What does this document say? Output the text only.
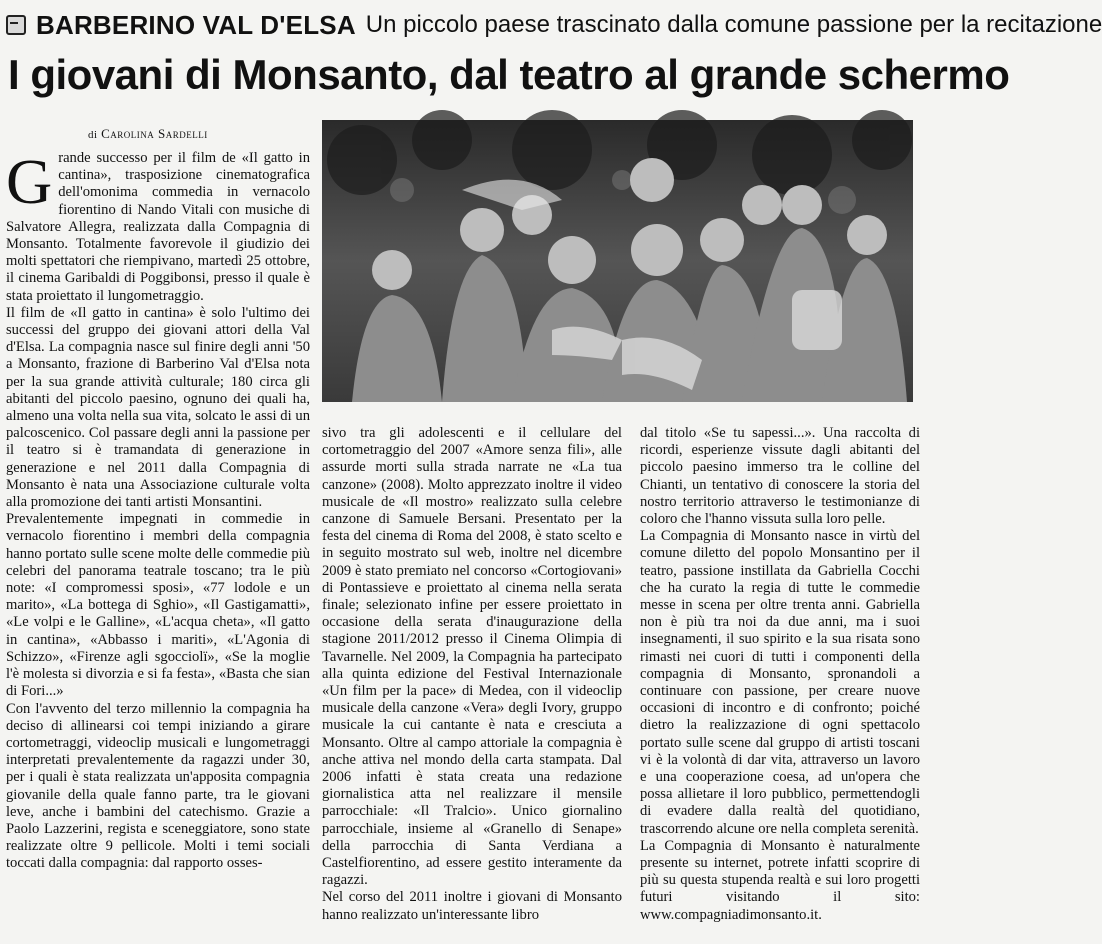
BARBERINO VAL D'ELSA Un piccolo paese trascinato dalla comune passione per la recitazione
I giovani di Monsanto, dal teatro al grande schermo
di Carolina Sardelli
G rande successo per il film de «Il gatto in cantina», trasposizione cinematografica dell'omonima commedia in vernacolo fiorentino di Nando Vitali con musiche di Salvatore Allegra, realizzata dalla Compagnia di Monsanto. Totalmente favorevole il giudizio dei molti spettatori che riempivano, martedì 25 ottobre, il cinema Garibaldi di Poggibonsi, presso il quale è stata proiettato il lungometraggio.

Il film de «Il gatto in cantina» è solo l'ultimo dei successi del gruppo dei giovani attori della Val d'Elsa. La compagnia nasce sul finire degli anni '50 a Monsanto, frazione di Barberino Val d'Elsa nota per la sua grande attività culturale; 180 circa gli abitanti del piccolo paesino, ognuno dei quali ha, almeno una volta nella sua vita, solcato le assi di un palcoscenico. Col passare degli anni la passione per il teatro si è tramandata di generazione in generazione e nel 2011 dalla Compagnia di Monsanto è nata una Associazione culturale volta alla promozione dei tanti artisti Monsantini.

Prevalentemente impegnati in commedie in vernacolo fiorentino i membri della compagnia hanno portato sulle scene molte delle commedie più celebri del panorama teatrale toscano; tra le più note: «I compromessi sposi», «77 lodole e un marito», «La bottega di Sghio», «Il Gastigamatti», «Le volpi e le Galline», «L'acqua cheta», «Il gatto in cantina», «Abbasso i mariti», «L'Agonia di Schizzo», «Firenze agli sgocciolï», «Se la moglie l'è molesta si divorzia e si fa festa», «Basta che sian di Fori...»

Con l'avvento del terzo millennio la compagnia ha deciso di allinearsi coi tempi iniziando a girare cortometraggi, videoclip musicali e lungometraggi interpretati prevalentemente da ragazzi under 30, per i quali è stata realizzata un'apposita compagnia giovanile della quale fanno parte, tra le giovani leve, anche i bambini del catechismo. Grazie a Paolo Lazzerini, regista e sceneggiatore, sono state realizzate oltre 9 pellicole. Molti i temi sociali toccati dalla compagnia: dal rapporto osses-

sivo tra gli adolescenti e il cellulare del cortometraggio del 2007 «Amore senza fili», alle assurde morti sulla strada narrate ne «La tua canzone» (2008). Molto apprezzato inoltre il video musicale de «Il mostro» realizzato sulla celebre canzone di Samuele Bersani. Presentato per la festa del cinema di Roma del 2008, è stato scelto e in seguito mostrato sul web, inoltre nel dicembre 2009 è stato premiato nel concorso «Cortogiovani» di Pontassieve e proiettato al cinema nella serata finale; selezionato infine per essere proiettato in occasione della serata d'inaugurazione della stagione 2011/2012 presso il Cinema Olimpia di Tavarnelle. Nel 2009, la Compagnia ha partecipato alla quinta edizione del Festival Internazionale «Un film per la pace» di Medea, con il videoclip musicale della canzone «Vera» degli Ivory, gruppo musicale la cui cantante è nata e cresciuta a Monsanto. Oltre al campo attoriale la compagnia è anche attiva nel mondo della carta stampata. Dal 2006 infatti è stata creata una redazione giornalistica atta nel realizzare il mensile parrocchiale: «Il Tralcio». Unico giornalino parrocchiale, insieme al «Granello di Senape» della parrocchia di Santa Verdiana a Castelfiorentino, ad essere gestito interamente da ragazzi.

Nel corso del 2011 inoltre i giovani di Monsanto hanno realizzato un'interessante libro

dal titolo «Se tu sapessi...». Una raccolta di ricordi, esperienze vissute dagli abitanti del piccolo paesino immerso tra le colline del Chianti, un tentativo di conoscere la storia del nostro territorio attraverso le testimonianze di coloro che l'hanno vissuta sulla loro pelle.

La Compagnia di Monsanto nasce in virtù del comune diletto del popolo Monsantino per il teatro, passione instillata da Gabriella Cocchi che ha curato la regia di tutte le commedie messe in scena per oltre trenta anni. Gabriella non è più tra noi da due anni, ma i suoi insegnamenti, il suo spirito e la sua risata sono rimasti nei cuori di tutti i componenti della compagnia di Monsanto, spronandoli a continuare con passione, per creare nuove occasioni di incontro e di confronto; poiché dietro la realizzazione di ogni spettacolo portato sulle scene dal gruppo di artisti toscani vi è la volontà di dar vita, attraverso un lavoro e una cooperazione coesa, ad un'opera che possa allietare il loro pubblico, permettendogli di evadere dalla realtà del quotidiano, trascorrendo alcune ore nella completa serenità.

La Compagnia di Monsanto è naturalmente presente su internet, potrete infatti scoprire di più su questa stupenda realtà e sui loro progetti futuri visitando il sito: www.compagniadimonsanto.it.
